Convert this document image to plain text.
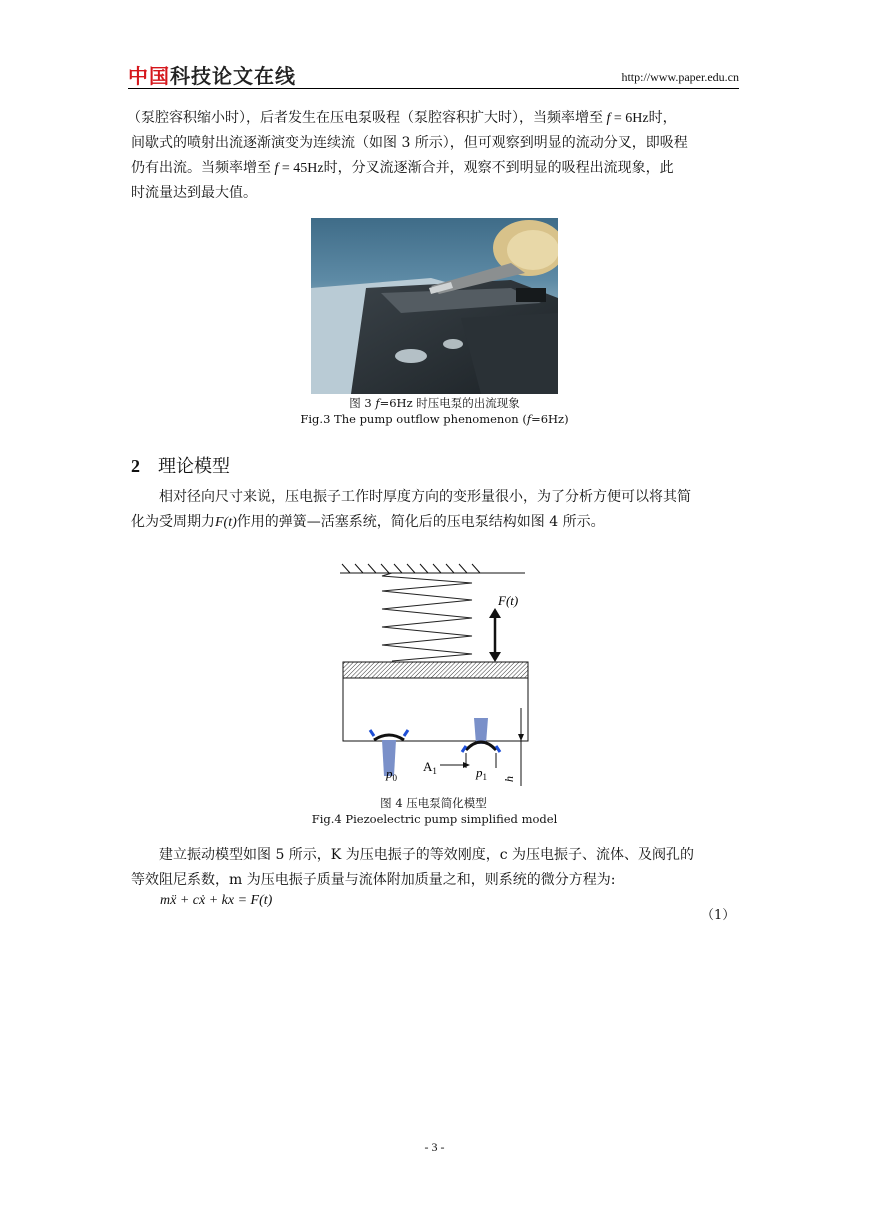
中国科技论文在线	http://www.paper.edu.cn

（泵腔容积缩小时），后者发生在压电泵吸程（泵腔容积扩大时），当频率增至 f = 6Hz时，

间歇式的喷射出流逐渐演变为连续流（如图 3 所示），但可观察到明显的流动分叉，即吸程

仍有出流。当频率增至 f = 45Hz时，分叉流逐渐合并，观察不到明显的吸程出流现象，此

时流量达到最大值。

图 3 f=6Hz 时压电泵的出流现象
Fig.3 The pump outflow phenomenon (f=6Hz)
2 理论模型

相对径向尺寸来说，压电振子工作时厚度方向的变形量很小，为了分析方便可以将其简

化为受周期力F(t)作用的弹簧—活塞系统，简化后的压电泵结构如图 4 所示。

F(t)
$p_0$
$A_1$	$p_1$ h
图 4 压电泵简化模型
Fig.4 Piezoelectric pump simplified model

建立振动模型如图 5 所示，K 为压电振子的等效刚度，c 为压电振子、流体、及阀孔的

等效阻尼系数，m 为压电振子质量与流体附加质量之和，则系统的微分方程为:

mẍ + cẋ + kx = F(t)
（1）
- 3 -
